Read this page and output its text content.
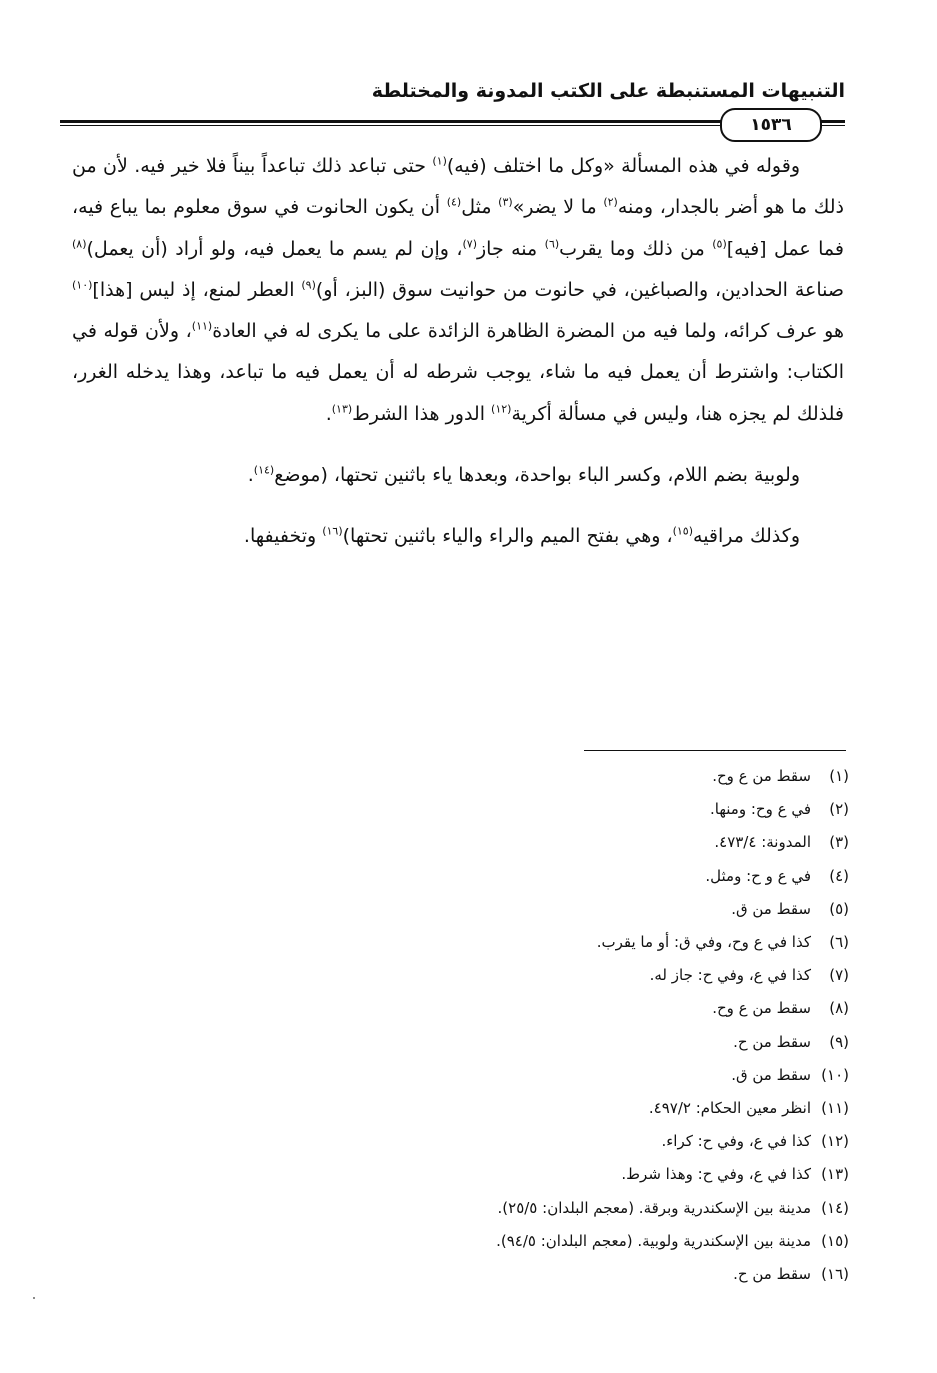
التنبيهات المستنبطة على الكتب المدونة والمختلطة
١٥٣٦

وقوله في هذه المسألة «وكل ما اختلف (فيه)$^{(١)}$ حتى تباعد ذلك تباعداً بيناً فلا خير فيه. لأن من ذلك ما هو أضر بالجدار، ومنه$^{(٢)}$ ما لا يضر»$^{(٣)}$ مثل$^{(٤)}$ أن يكون الحانوت في سوق معلوم بما يباع فيه، فما عمل [فيه]$^{(٥)}$ من ذلك وما يقرب$^{(٦)}$ منه جاز$^{(٧)}$، وإن لم يسم ما يعمل فيه، ولو أراد (أن يعمل)$^{(٨)}$ صناعة الحدادين، والصباغين، في حانوت من حوانيت سوق (البز، أو)$^{(٩)}$ العطر لمنع، إذ ليس [هذا]$^{(١٠)}$ هو عرف كرائه، ولما فيه من المضرة الظاهرة الزائدة على ما يكرى له في العادة$^{(١١)}$، ولأن قوله في الكتاب: واشترط أن يعمل فيه ما شاء، يوجب شرطه له أن يعمل فيه ما تباعد، وهذا يدخله الغرر، فلذلك لم يجزه هنا، وليس في مسألة أكرية$^{(١٢)}$ الدور هذا الشرط$^{(١٣)}$.

ولوبية بضم اللام، وكسر الباء بواحدة، وبعدها ياء باثنين تحتها، (موضع$^{(١٤)}$.

وكذلك مراقيه$^{(١٥)}$، وهي بفتح الميم والراء والياء باثنين تحتها)$^{(١٦)}$ وتخفيفها.

(١)سقط من ع وح.
(٢)في ع وح: ومنها.
(٣)المدونة: ٤٧٣/٤.
(٤)في ع و ح: ومثل.
(٥)سقط من ق.
(٦)كذا في ع وح، وفي ق: أو ما يقرب.
(٧)كذا في ع، وفي ح: جاز له.
(٨)سقط من ع وح.
(٩)سقط من ح.
(١٠)سقط من ق.
(١١)انظر معين الحكام: ٤٩٧/٢.
(١٢)كذا في ع، وفي ح: كراء.
(١٣)كذا في ع، وفي ح: وهذا شرط.
(١٤)مدينة بين الإسكندرية وبرقة. (معجم البلدان: ٢٥/٥).
(١٥)مدينة بين الإسكندرية ولوبية. (معجم البلدان: ٩٤/٥).
(١٦)سقط من ح.
